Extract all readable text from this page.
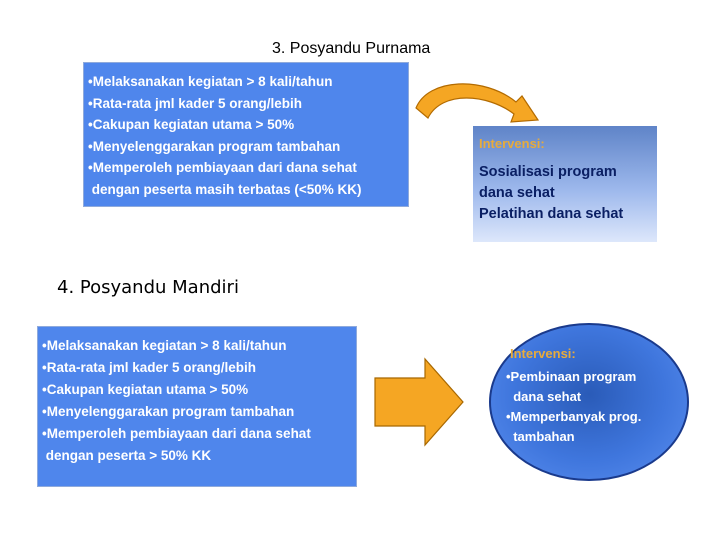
3. Posyandu Purnama
•Melaksanakan kegiatan > 8 kali/tahun
•Rata-rata jml kader 5 orang/lebih
•Cakupan kegiatan utama > 50%
•Menyelenggarakan program tambahan
•Memperoleh pembiayaan dari dana sehat
dengan peserta masih terbatas (<50% KK)
Intervensi:
Sosialisasi program
dana sehat
Pelatihan dana sehat
4. Posyandu Mandiri
•Melaksanakan kegiatan > 8 kali/tahun
•Rata-rata jml kader 5 orang/lebih
•Cakupan kegiatan utama > 50%
•Menyelenggarakan program tambahan
•Memperoleh pembiayaan dari dana sehat
dengan peserta > 50% KK
Intervensi:
•Pembinaan program
dana sehat
•Memperbanyak prog.
tambahan
